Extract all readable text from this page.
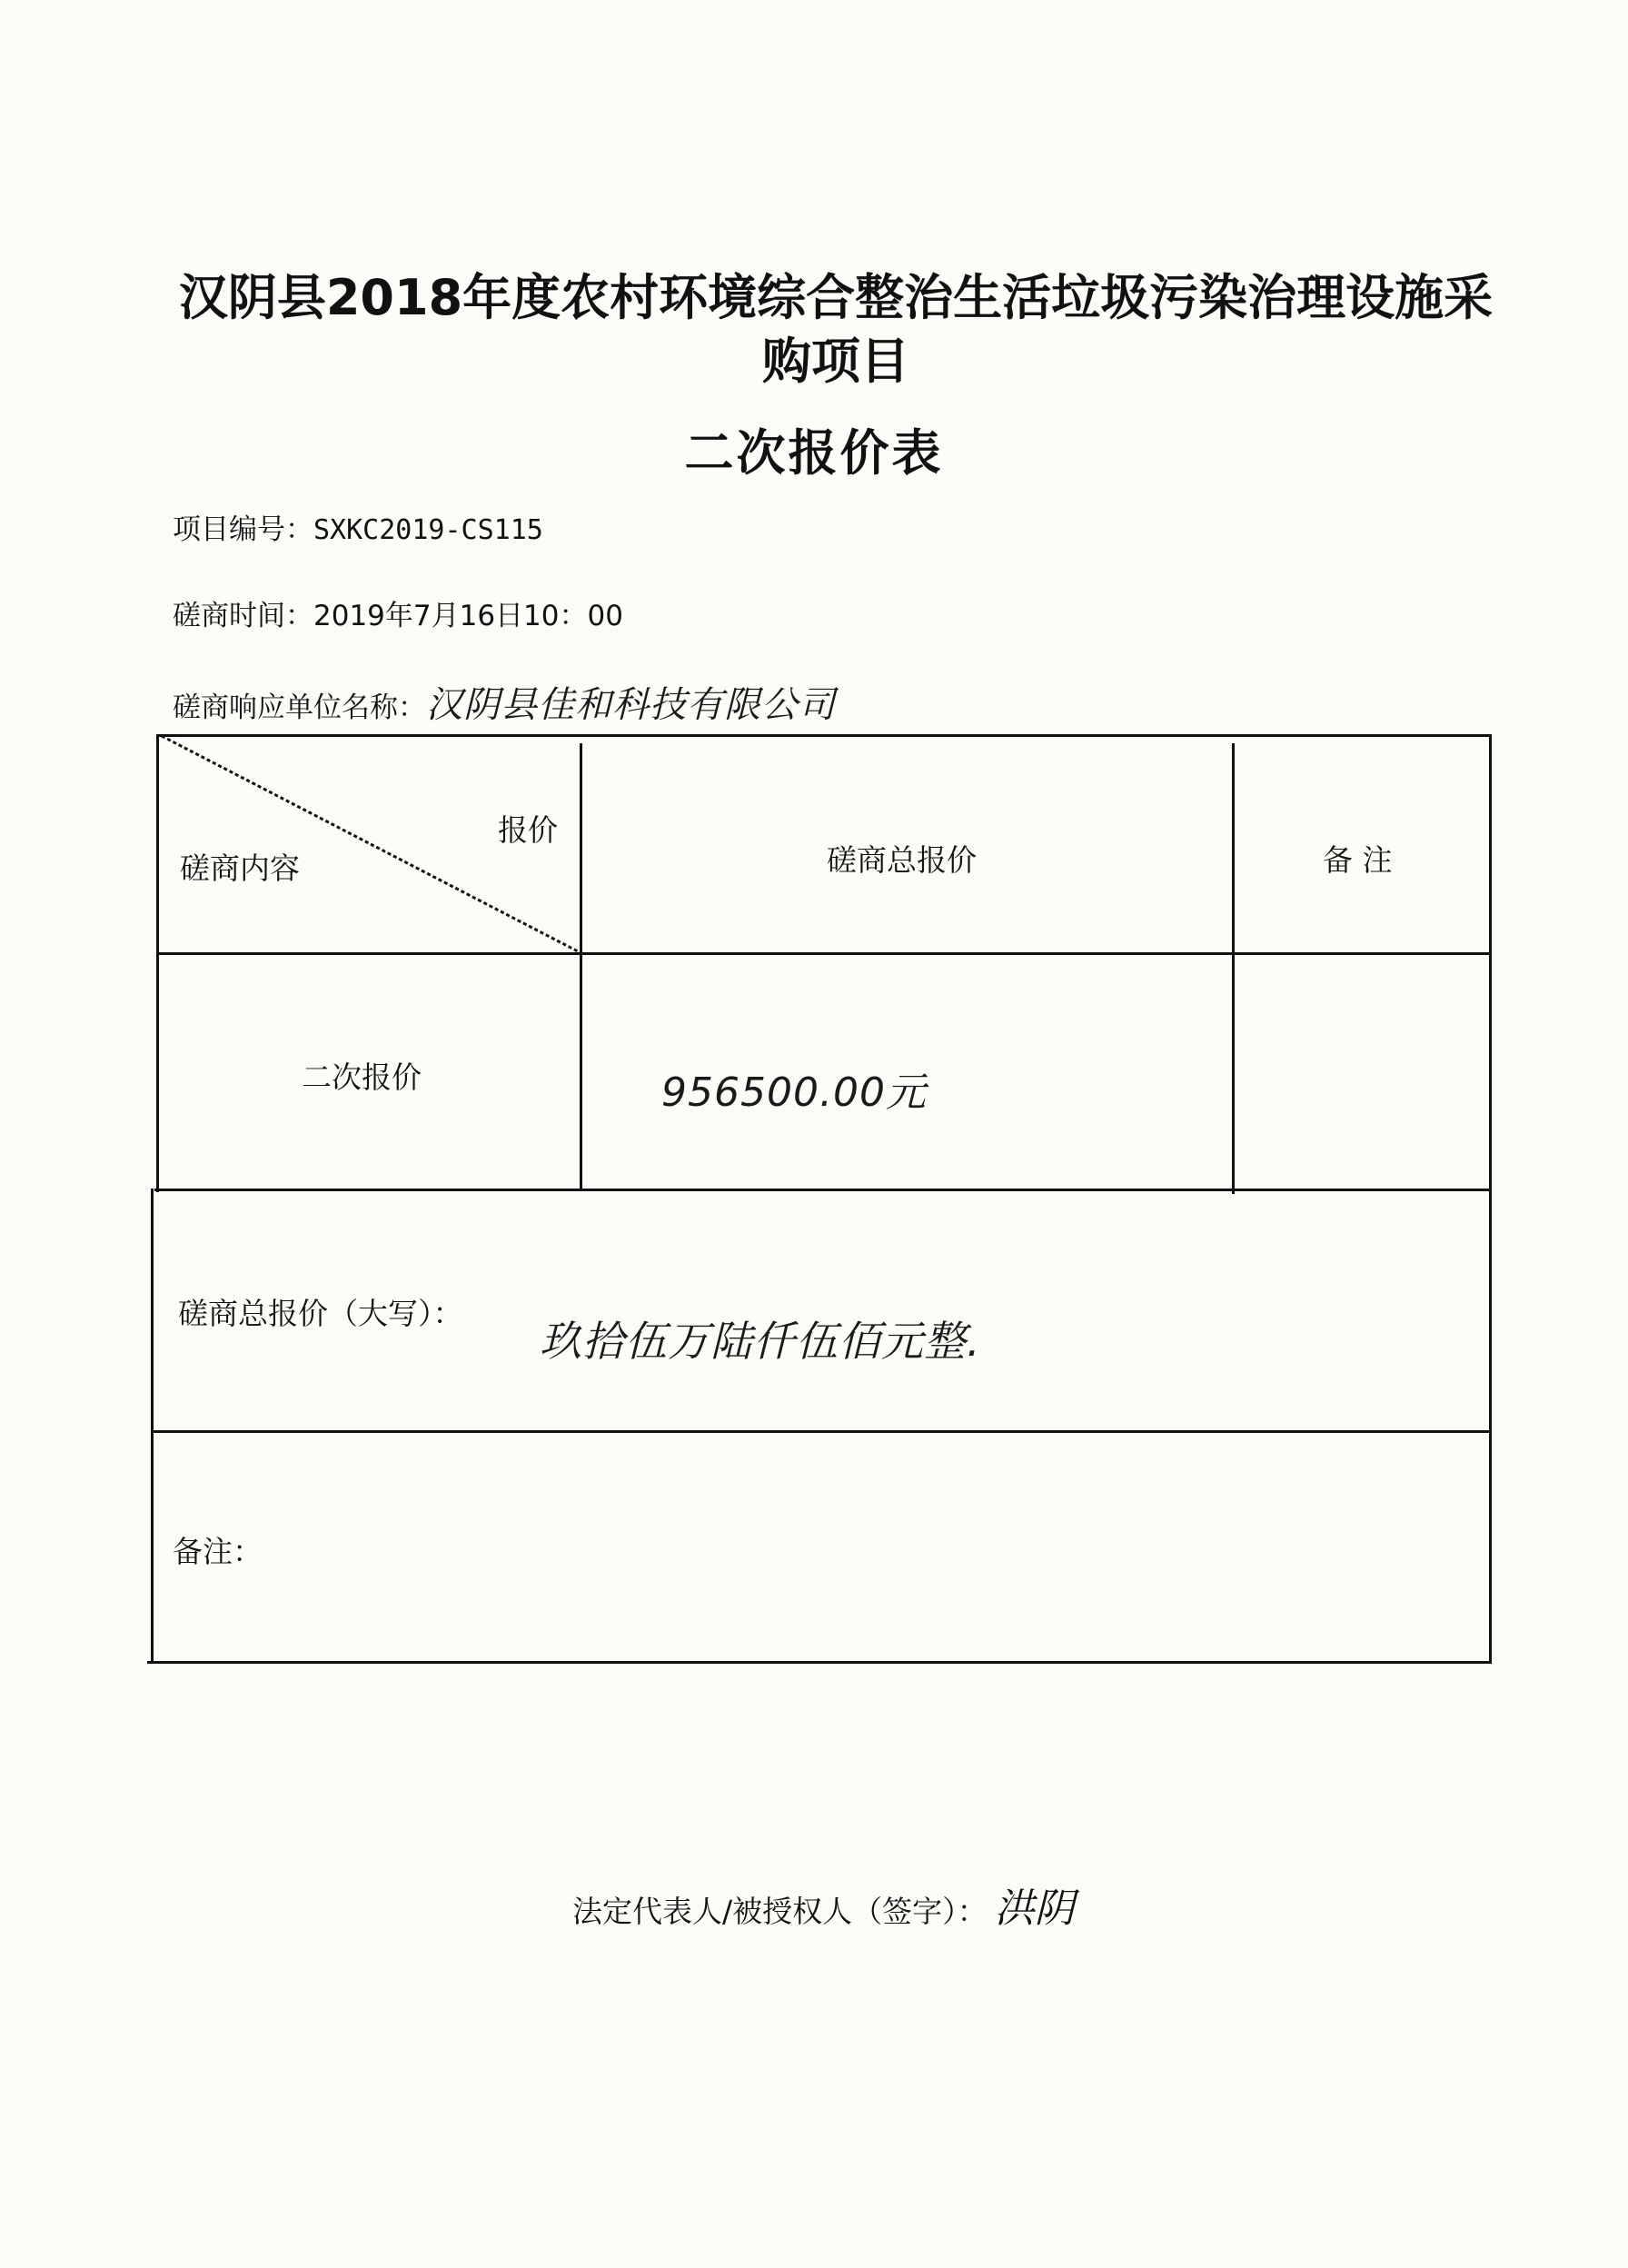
汉阴县2018年度农村环境综合整治生活垃圾污染治理设施采
购项目
二次报价表
项目编号：SXKC2019-CS115
磋商时间：2019年7月16日10：00
磋商响应单位名称：汉阴县佳和科技有限公司
报价
磋商内容	磋商总报价	备 注
二次报价	956500.00元
磋商总报价（大写）：
玖拾伍万陆仟伍佰元整.
备注：
法定代表人/被授权人（签字）： 洪阴
